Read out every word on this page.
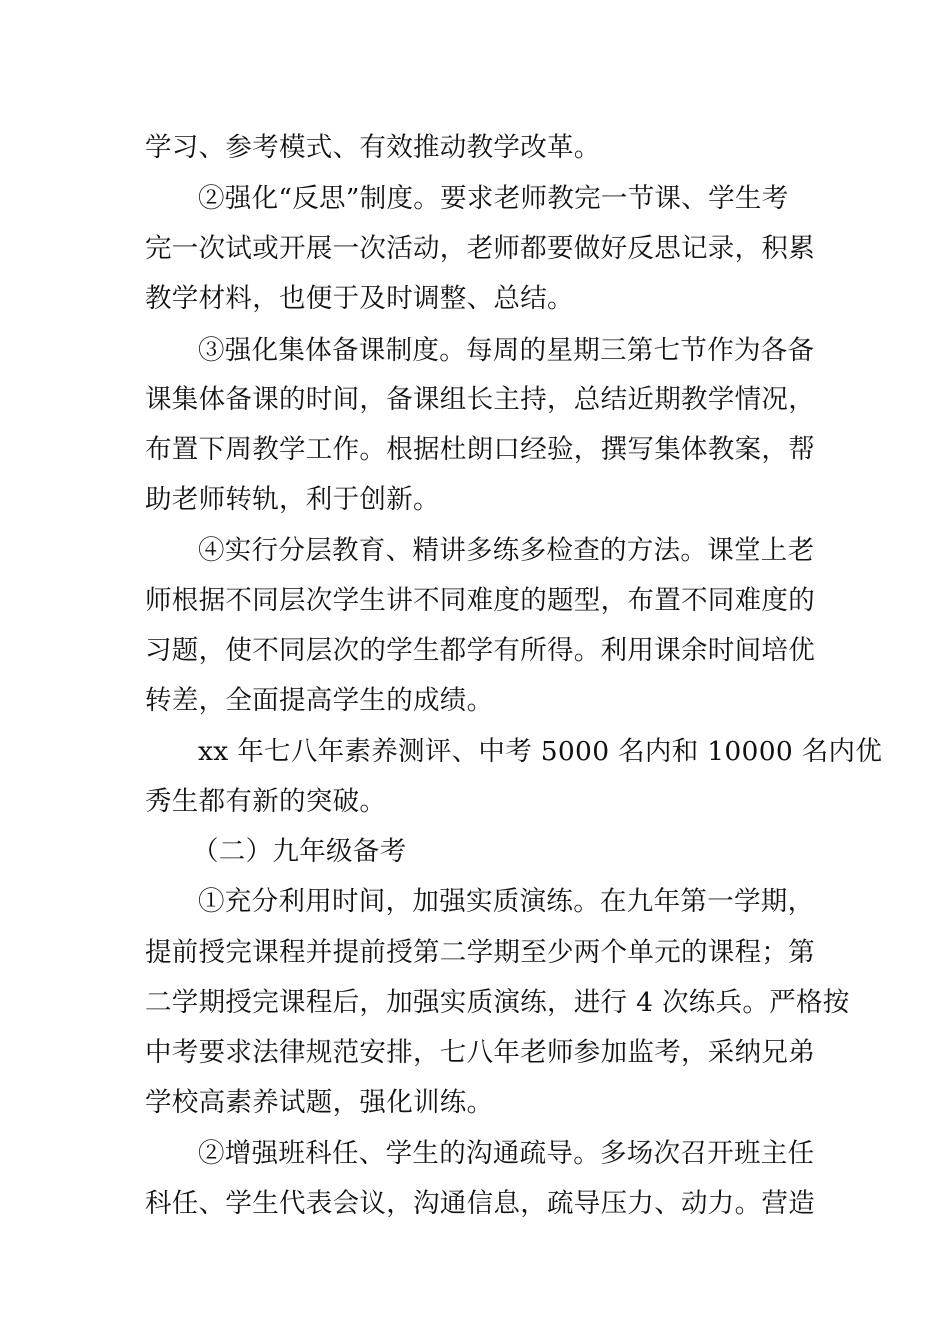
学习、参考模式、有效推动教学改革。
②强化“反思”制度。要求老师教完一节课、学生考
完一次试或开展一次活动，老师都要做好反思记录，积累
教学材料，也便于及时调整、总结。
③强化集体备课制度。每周的星期三第七节作为各备
课集体备课的时间，备课组长主持，总结近期教学情况，
布置下周教学工作。根据杜朗口经验，撰写集体教案，帮
助老师转轨，利于创新。
④实行分层教育、精讲多练多检查的方法。课堂上老
师根据不同层次学生讲不同难度的题型，布置不同难度的
习题，使不同层次的学生都学有所得。利用课余时间培优
转差，全面提高学生的成绩。
xx 年七八年素养测评、中考 5000 名内和 10000 名内优
秀生都有新的突破。
（二）九年级备考
①充分利用时间，加强实质演练。在九年第一学期，
提前授完课程并提前授第二学期至少两个单元的课程；第
二学期授完课程后，加强实质演练，进行 4 次练兵。严格按
中考要求法律规范安排，七八年老师参加监考，采纳兄弟
学校高素养试题，强化训练。
②增强班科任、学生的沟通疏导。多场次召开班主任
科任、学生代表会议，沟通信息，疏导压力、动力。营造
